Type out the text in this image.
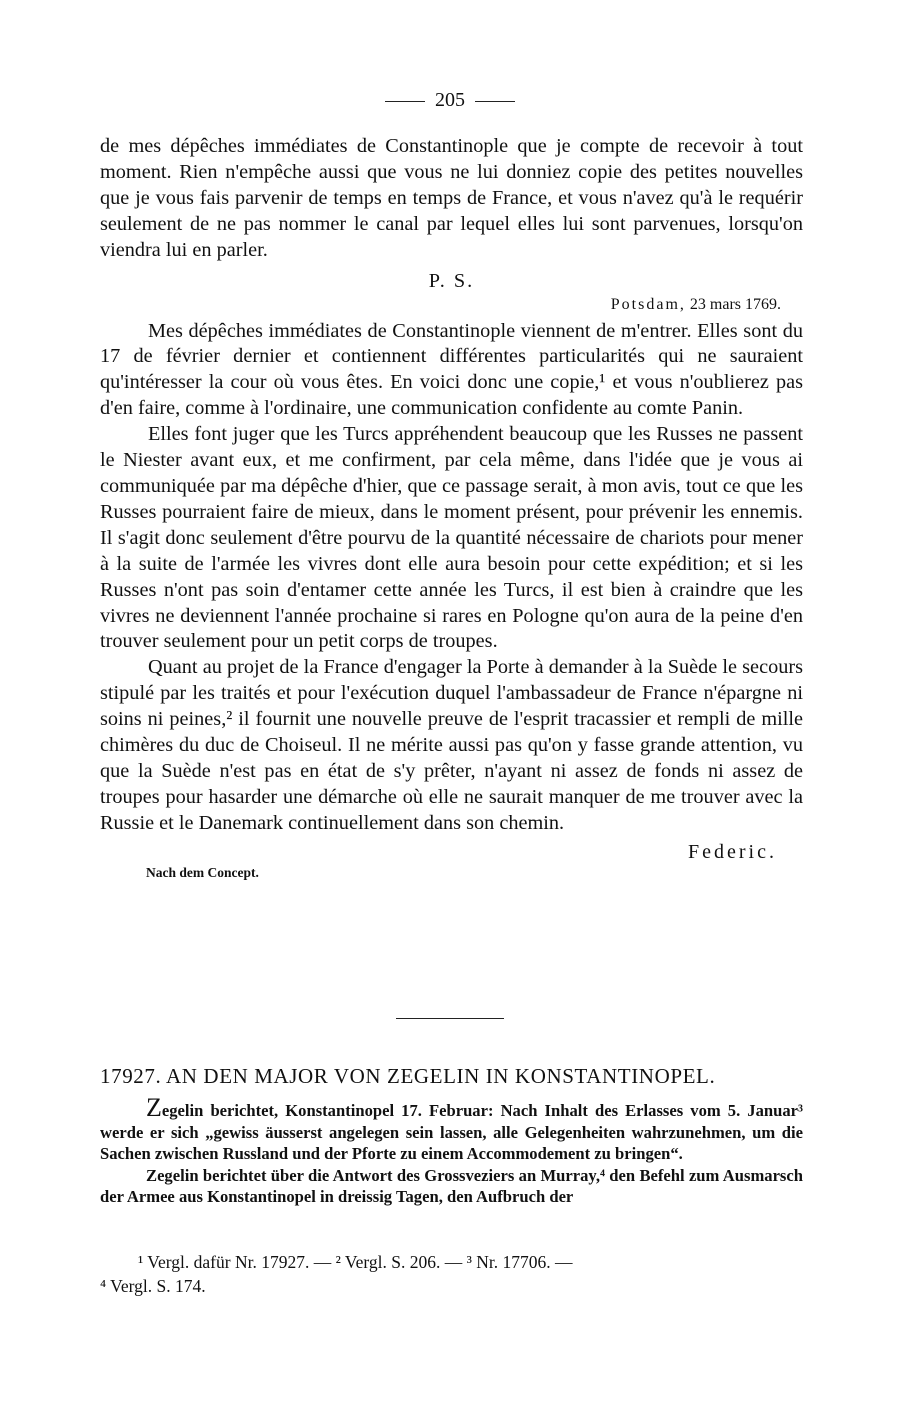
205

de mes dépêches immédiates de Constantinople que je compte de recevoir à tout moment. Rien n'empêche aussi que vous ne lui donniez copie des petites nouvelles que je vous fais parvenir de temps en temps de France, et vous n'avez qu'à le requérir seulement de ne pas nommer le canal par lequel elles lui sont parvenues, lorsqu'on viendra lui en parler.

P. S.
Potsdam, 23 mars 1769.

Mes dépêches immédiates de Constantinople viennent de m'entrer. Elles sont du 17 de février dernier et contiennent différentes particularités qui ne sauraient qu'intéresser la cour où vous êtes. En voici donc une copie,¹ et vous n'oublierez pas d'en faire, comme à l'ordinaire, une communication confidente au comte Panin.

Elles font juger que les Turcs appréhendent beaucoup que les Russes ne passent le Niester avant eux, et me confirment, par cela même, dans l'idée que je vous ai communiquée par ma dépêche d'hier, que ce passage serait, à mon avis, tout ce que les Russes pourraient faire de mieux, dans le moment présent, pour prévenir les ennemis. Il s'agit donc seulement d'être pourvu de la quantité nécessaire de chariots pour mener à la suite de l'armée les vivres dont elle aura besoin pour cette expédition; et si les Russes n'ont pas soin d'entamer cette année les Turcs, il est bien à craindre que les vivres ne deviennent l'année prochaine si rares en Pologne qu'on aura de la peine d'en trouver seulement pour un petit corps de troupes.

Quant au projet de la France d'engager la Porte à demander à la Suède le secours stipulé par les traités et pour l'exécution duquel l'ambassadeur de France n'épargne ni soins ni peines,² il fournit une nouvelle preuve de l'esprit tracassier et rempli de mille chimères du duc de Choiseul. Il ne mérite aussi pas qu'on y fasse grande attention, vu que la Suède n'est pas en état de s'y prêter, n'ayant ni assez de fonds ni assez de troupes pour hasarder une démarche où elle ne saurait manquer de me trouver avec la Russie et le Danemark continuellement dans son chemin.

Federic.
Nach dem Concept.
17927. AN DEN MAJOR VON ZEGELIN IN KONSTANTINOPEL.

Zegelin berichtet, Konstantinopel 17. Februar: Nach Inhalt des Erlasses vom 5. Januar³ werde er sich „gewiss äusserst angelegen sein lassen, alle Gelegenheiten wahrzunehmen, um die Sachen zwischen Russland und der Pforte zu einem Accommodement zu bringen“.

Zegelin berichtet über die Antwort des Grossveziers an Murray,⁴ den Befehl zum Ausmarsch der Armee aus Konstantinopel in dreissig Tagen, den Aufbruch der

¹ Vergl. dafür Nr. 17927. — ² Vergl. S. 206. — ³ Nr. 17706. —
⁴ Vergl. S. 174.
